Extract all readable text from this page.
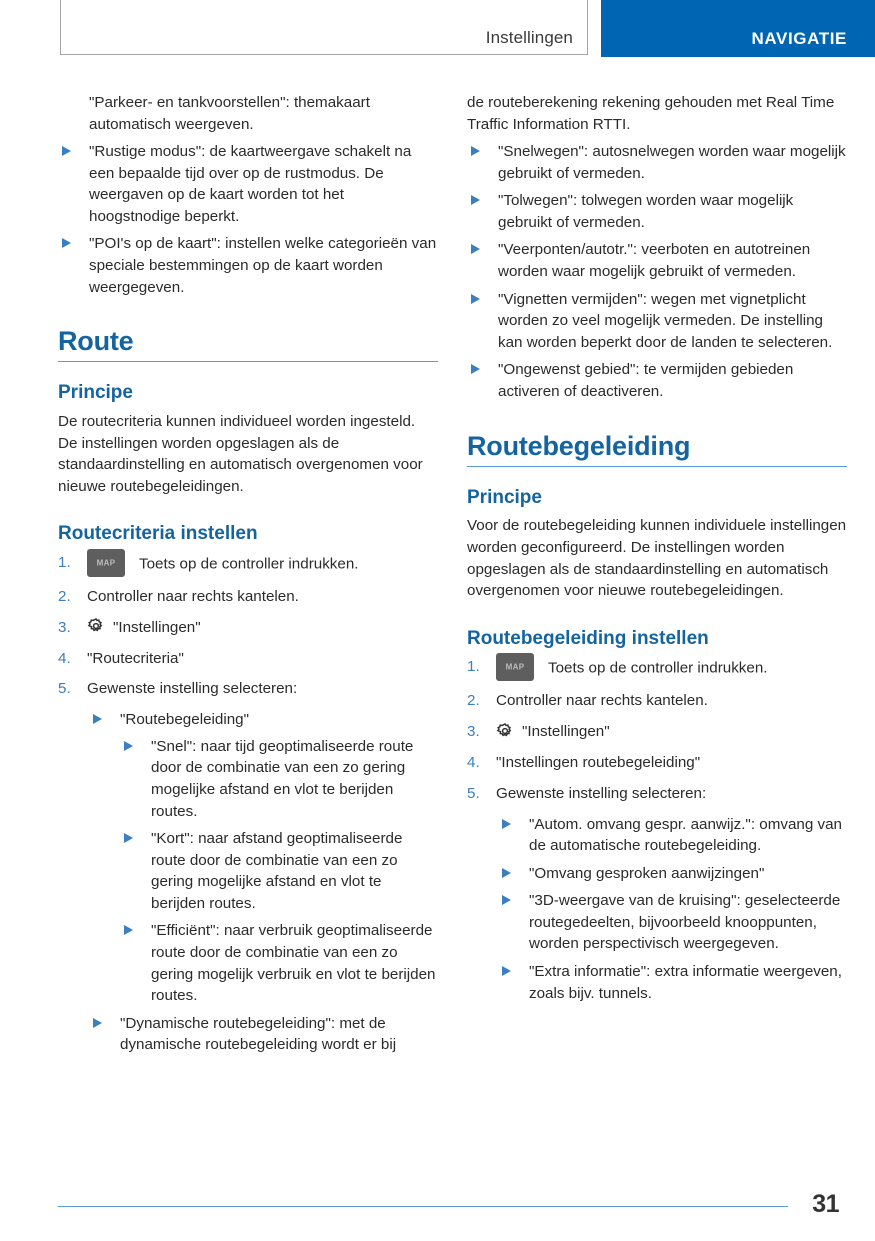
Instellingen	NAVIGATIE
"Parkeer- en tankvoorstellen": themakaart automatisch weergeven.
"Rustige modus": de kaartweergave schakelt na een bepaalde tijd over op de rustmodus. De weergaven op de kaart worden tot het hoogstnodige beperkt.
"POI's op de kaart": instellen welke categorieën van speciale bestemmingen op de kaart worden weergegeven.
Route
Principe

De routecriteria kunnen individueel worden ingesteld. De instellingen worden opgeslagen als de standaardinstelling en automatisch overgenomen voor nieuwe routebegeleidingen.

Routecriteria instellen
MAP	Toets op de controller indrukken.
Controller naar rechts kantelen.
"Instellingen"
"Routecriteria"
Gewenste instelling selecteren:
"Routebegeleiding"
"Snel": naar tijd geoptimaliseerde route door de combinatie van een zo gering mogelijke afstand en vlot te berijden routes.
"Kort": naar afstand geoptimaliseerde route door de combinatie van een zo gering mogelijke afstand en vlot te berijden routes.
"Efficiënt": naar verbruik geoptimaliseerde route door de combinatie van een zo gering mogelijk verbruik en vlot te berijden routes.
"Dynamische routebegeleiding": met de dynamische routebegeleiding wordt er bij

de routeberekening rekening gehouden met Real Time Traffic Information RTTI.

"Snelwegen": autosnelwegen worden waar mogelijk gebruikt of vermeden.
"Tolwegen": tolwegen worden waar mogelijk gebruikt of vermeden.
"Veerponten/autotr.": veerboten en autotreinen worden waar mogelijk gebruikt of vermeden.
"Vignetten vermijden": wegen met vignetplicht worden zo veel mogelijk vermeden. De instelling kan worden beperkt door de landen te selecteren.
"Ongewenst gebied": te vermijden gebieden activeren of deactiveren.
Routebegeleiding
Principe

Voor de routebegeleiding kunnen individuele instellingen worden geconfigureerd. De instellingen worden opgeslagen als de standaardinstelling en automatisch overgenomen voor nieuwe routebegeleidingen.

Routebegeleiding instellen
MAP	Toets op de controller indrukken.
Controller naar rechts kantelen.
"Instellingen"
"Instellingen routebegeleiding"
Gewenste instelling selecteren:
"Autom. omvang gespr. aanwijz.": omvang van de automatische routebegeleiding.
"Omvang gesproken aanwijzingen"
"3D-weergave van de kruising": geselecteerde routegedeelten, bijvoorbeeld knooppunten, worden perspectivisch weergegeven.
"Extra informatie": extra informatie weergeven, zoals bijv. tunnels.
31
